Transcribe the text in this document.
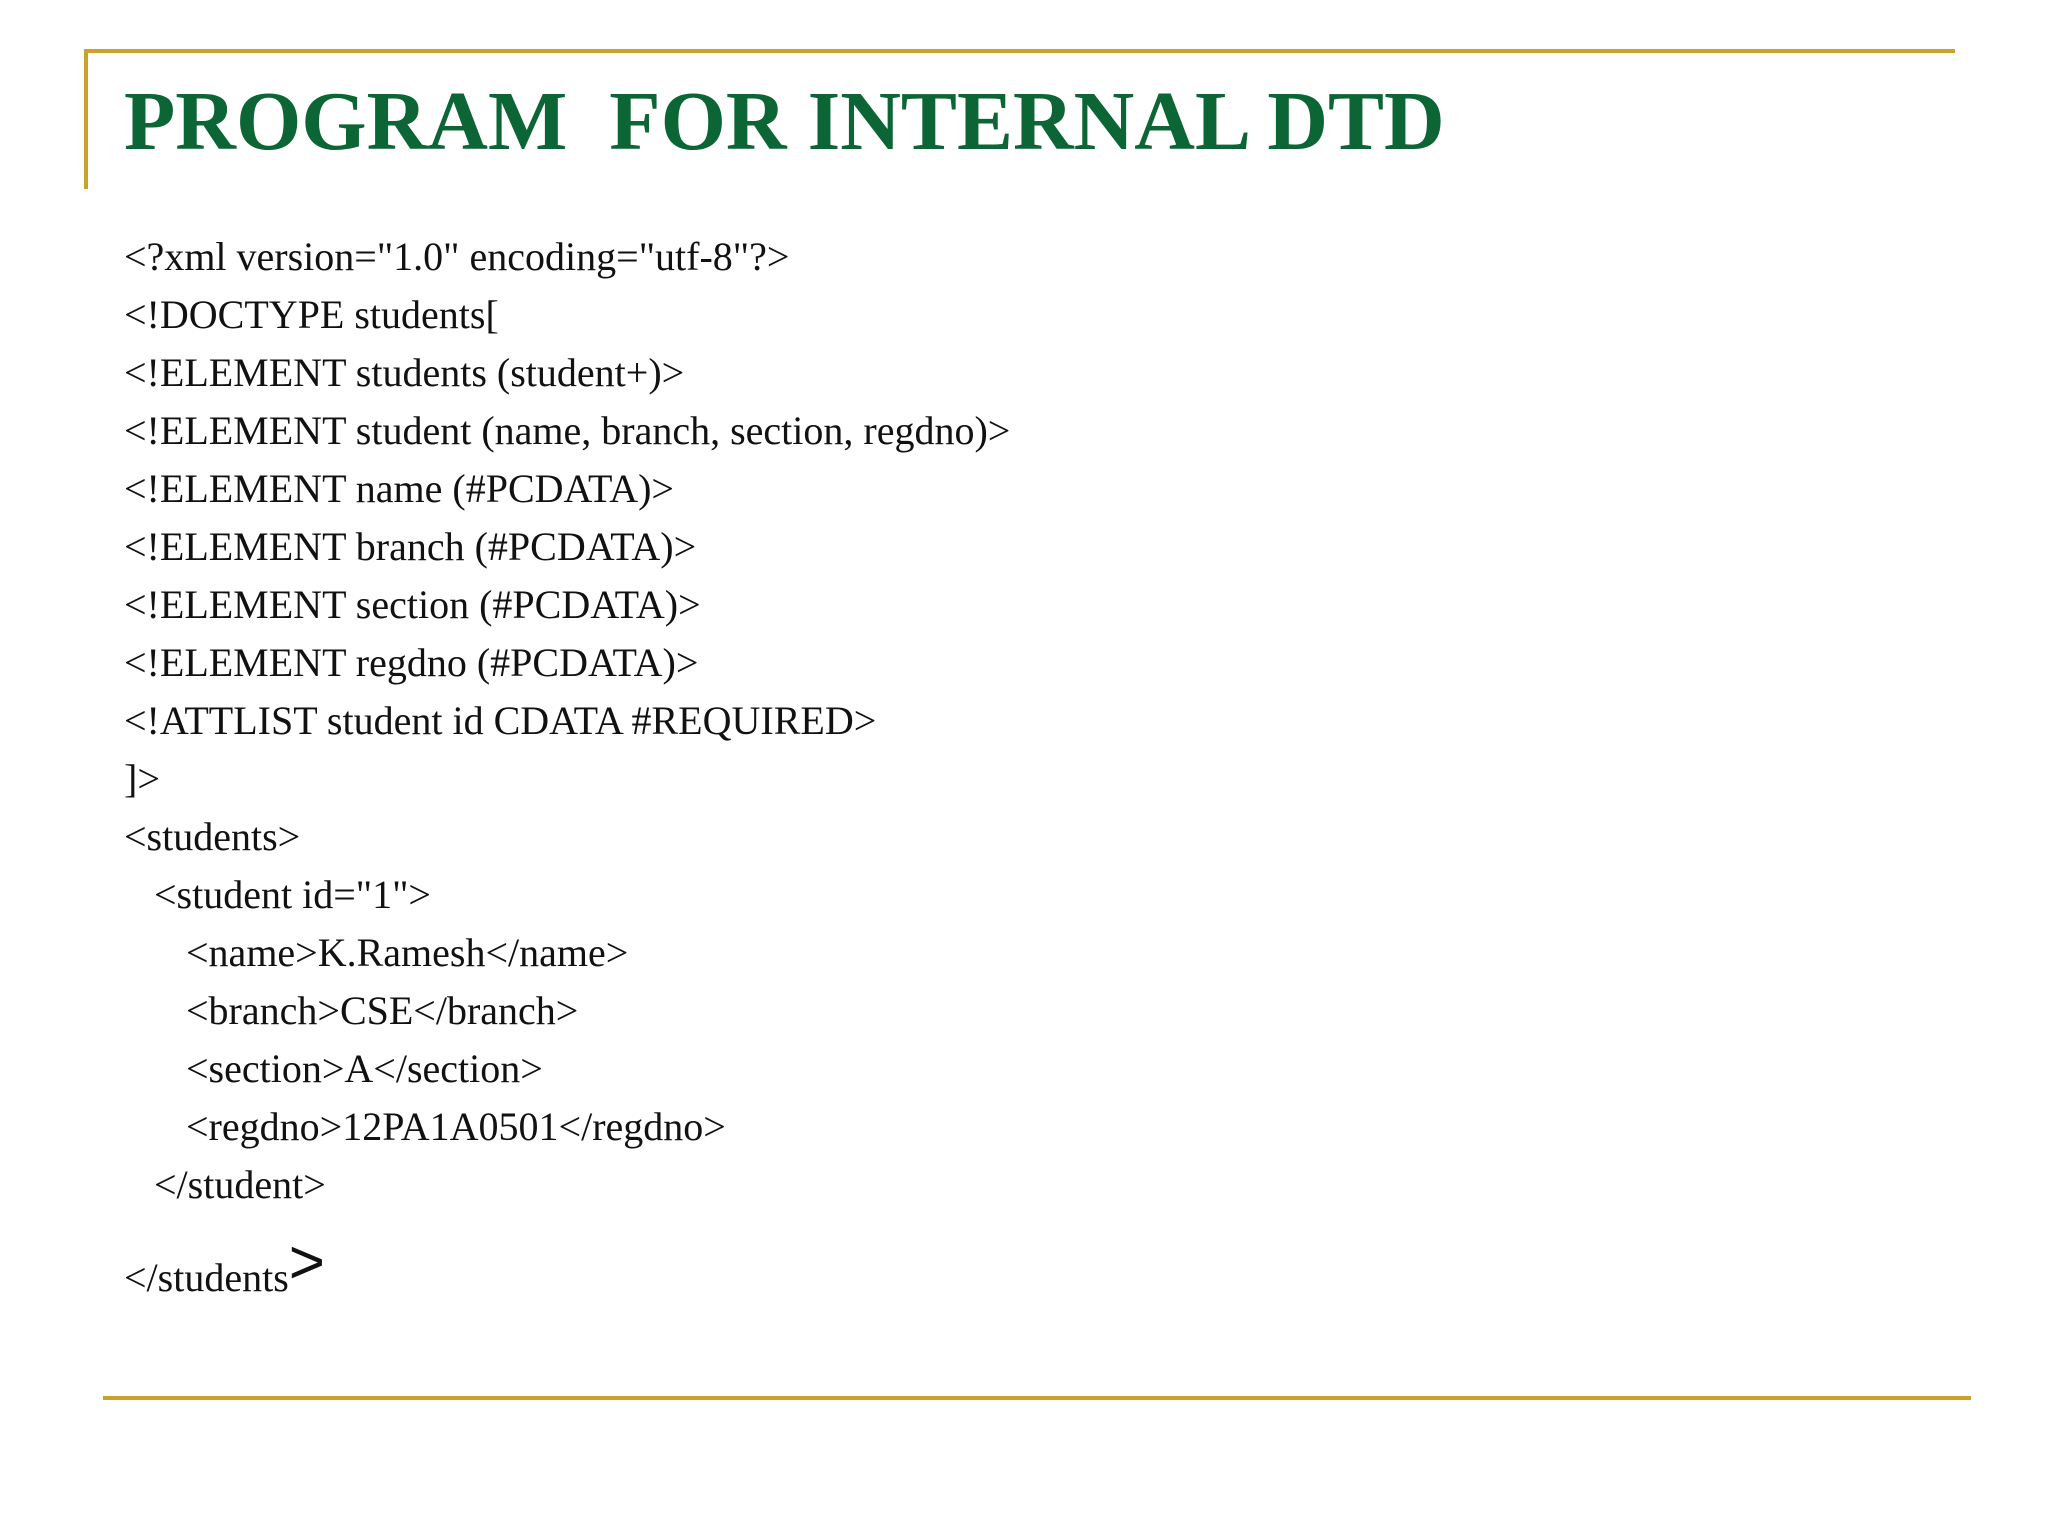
PROGRAM  FOR INTERNAL DTD
<?xml version="1.0" encoding="utf-8"?>
<!DOCTYPE students[
<!ELEMENT students (student+)>
<!ELEMENT student (name, branch, section, regdno)>
<!ELEMENT name (#PCDATA)>
<!ELEMENT branch (#PCDATA)>
<!ELEMENT section (#PCDATA)>
<!ELEMENT regdno (#PCDATA)>
<!ATTLIST student id CDATA #REQUIRED>
]>
<students>
<student id="1">
<name>K.Ramesh</name>
<branch>CSE</branch>
<section>A</section>
<regdno>12PA1A0501</regdno>
</student>
</students>
